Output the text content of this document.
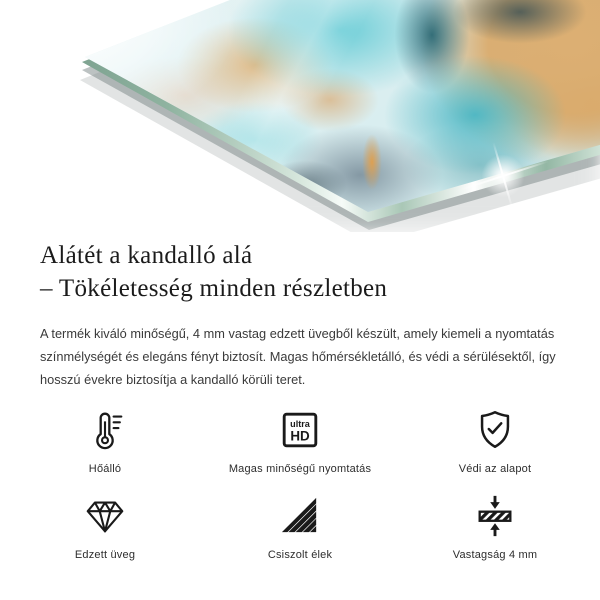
Alátét a kandalló alá
– Tökéletesség minden részletben

A termék kiváló minőségű, 4 mm vastag edzett üvegből készült, amely kiemeli a nyomtatás színmélységét és elegáns fényt biztosít. Magas hőmérsékletálló, és védi a sérülésektől, így hosszú évekre biztosítja a kandalló körüli teret.

Hőálló
ultra
HD
Magas minőségű nyomtatás	Védi az alapot
Edzett üveg	Csiszolt élek	Vastagság 4 mm
